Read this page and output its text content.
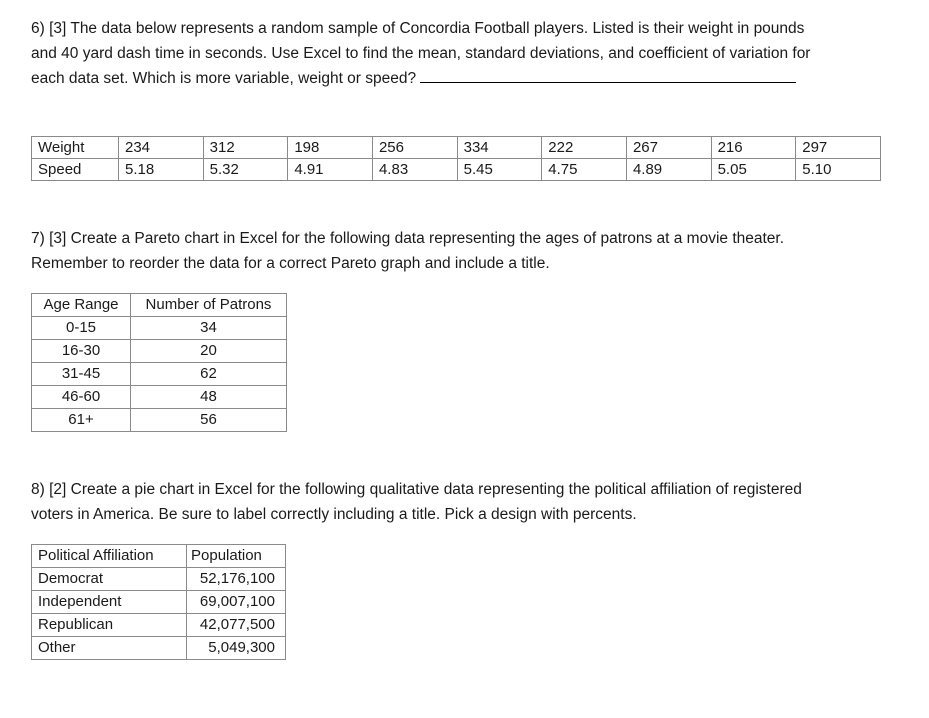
6) [3] The data below represents a random sample of Concordia Football players. Listed is their weight in pounds
and 40 yard dash time in seconds. Use Excel to find the mean, standard deviations, and coefficient of variation for
each data set. Which is more variable, weight or speed?
Weight	234	312	198	256	334	222	267	216	297
Speed	5.18	5.32	4.91	4.83	5.45	4.75	4.89	5.05	5.10
7) [3] Create a Pareto chart in Excel for the following data representing the ages of patrons at a movie theater.
Remember to reorder the data for a correct Pareto graph and include a title.
Age Range	Number of Patrons
0-15	34
16-30	20
31-45	62
46-60	48
61+	56
8) [2] Create a pie chart in Excel for the following qualitative data representing the political affiliation of registered
voters in America. Be sure to label correctly including a title. Pick a design with percents.
Political Affiliation	Population
Democrat	52,176,100
Independent	69,007,100
Republican	42,077,500
Other	5,049,300
